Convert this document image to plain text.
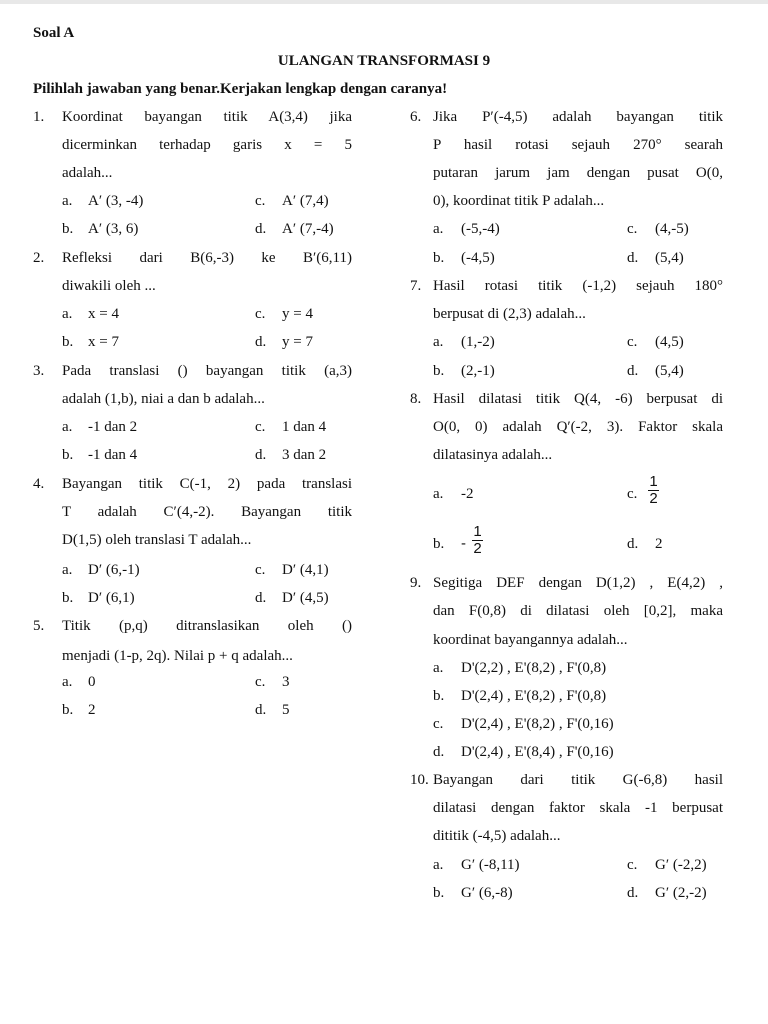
Soal A
ULANGAN TRANSFORMASI 9
Pilihlah jawaban yang benar.Kerjakan lengkap dengan caranya!
1. Koordinat bayangan titik A(3,4) jika
dicerminkan terhadap garis x = 5
adalah...
a. A′ (3, -4)	c. A′ (7,4)
b. A′ (3, 6)	d. A′ (7,-4)
2. Refleksi dari B(6,-3) ke B′(6,11)
diwakili oleh ...
a. x = 4	c. y = 4
b. x = 7	d. y = 7
3. Pada translasi () bayangan titik (a,3)
adalah (1,b), niai a dan b adalah...
a. -1 dan 2	c. 1 dan 4
b. -1 dan 4	d. 3 dan 2
4. Bayangan titik C(-1, 2) pada translasi
T adalah C′(4,-2). Bayangan titik
D(1,5) oleh translasi T adalah...
a. D′ (6,-1)	c. D′ (4,1)
b. D′ (6,1)	d. D′ (4,5)
5. Titik (p,q) ditranslasikan oleh ()
menjadi (1-p, 2q). Nilai p + q adalah...
a. 0	c. 3
b. 2	d. 5
6. Jika P′(-4,5) adalah bayangan titik
P hasil rotasi sejauh 270° searah
putaran jarum jam dengan pusat O(0,
0), koordinat titik P adalah...
a. (-5,-4)	c. (4,-5)
b. (-4,5)	d. (5,4)
7. Hasil rotasi titik (-1,2) sejauh 180°
berpusat di (2,3) adalah...
a. (1,-2)	c. (4,5)
b. (2,-1)	d. (5,4)
8. Hasil dilatasi titik Q(4, -6) berpusat di
O(0, 0) adalah Q′(-2, 3). Faktor skala
dilatasinya adalah...
a. -2	c.
1
2
b. -
1
2	d. 2
9. Segitiga DEF dengan D(1,2) , E(4,2) ,
dan F(0,8) di dilatasi oleh [0,2], maka
koordinat bayangannya adalah...
a. D'(2,2) , E'(8,2) , F'(0,8)
b. D'(2,4) , E'(8,2) , F'(0,8)
c. D'(2,4) , E'(8,2) , F'(0,16)
d. D'(2,4) , E'(8,4) , F'(0,16)
10. Bayangan dari titik G(-6,8) hasil
dilatasi dengan faktor skala -1 berpusat
dititik (-4,5) adalah...
a. G′ (-8,11)	c. G′ (-2,2)
b. G′ (6,-8)	d. G′ (2,-2)
